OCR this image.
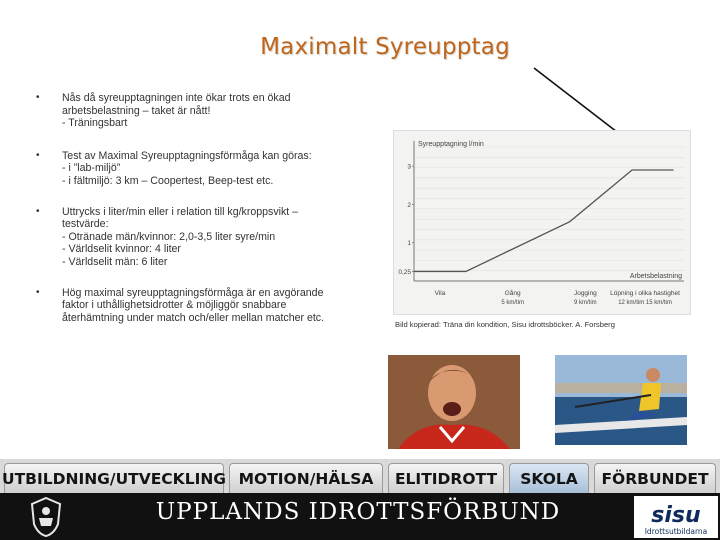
Maximalt Syreupptag
• Nås då syreupptagningen inte ökar trots en ökad
arbetsbelastning – taket är nått!
- Träningsbart
• Test av Maximal Syreupptagningsförmåga kan göras:
- i ”lab-miljö”
- i fältmiljö: 3 km – Coopertest, Beep-test etc.
• Uttrycks i liter/min eller i relation till kg/kroppsvikt –
testvärde:
- Otränade män/kvinnor: 2,0-3,5 liter syre/min
- Världselit kvinnor: 4 liter
- Världselit män: 6 liter
• Hög maximal syreupptagningsförmåga är en avgörande
faktor i uthållighetsidrotter & möjliggör snabbare
återhämtning under match och/eller mellan matcher etc.
Syreupptagning l/min
Arbetsbelastning
0,25
1
2
3
Vila	Gång
5 km/tim
Jogging
9 km/tim
Löpning i olika hastighet
12 km/tim 15 km/tim
Bild kopierad: Träna din kondition, Sisu idrottsböcker. A. Forsberg
UTBILDNING/UTVECKLING MOTION/HÄLSA	ELITIDROTT	SKOLA	FÖRBUNDET
UPPLANDS IDROTTSFÖRBUND	sisu
Idrottsutbildarna
